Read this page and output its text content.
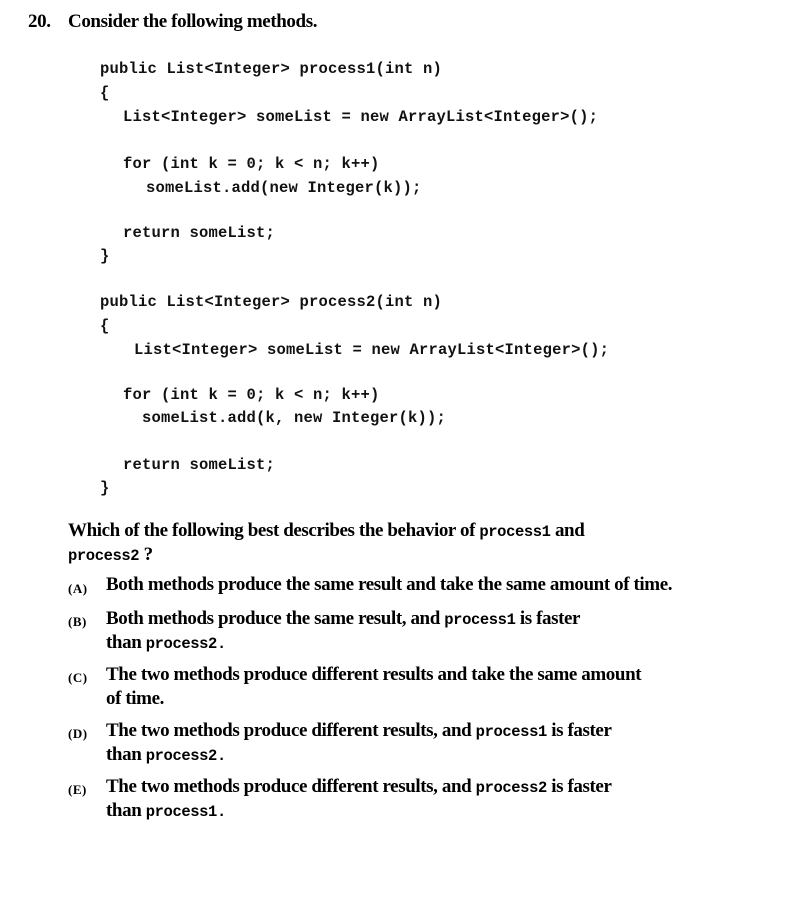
20. Consider the following methods.
public List<Integer> process1(int n)
{
List<Integer> someList = new ArrayList<Integer>();
for (int k = 0; k < n; k++)
someList.add(new Integer(k));
return someList;
}
public List<Integer> process2(int n)
{
List<Integer> someList = new ArrayList<Integer>();
for (int k = 0; k < n; k++)
someList.add(k, new Integer(k));
return someList;
}
Which of the following best describes the behavior of process1 and
process2 ?
(A) Both methods produce the same result and take the same amount of time.
(B) Both methods produce the same result, and process1 is faster
than process2.
(C) The two methods produce different results and take the same amount
of time.
(D) The two methods produce different results, and process1 is faster
than process2.
(E) The two methods produce different results, and process2 is faster
than process1.
